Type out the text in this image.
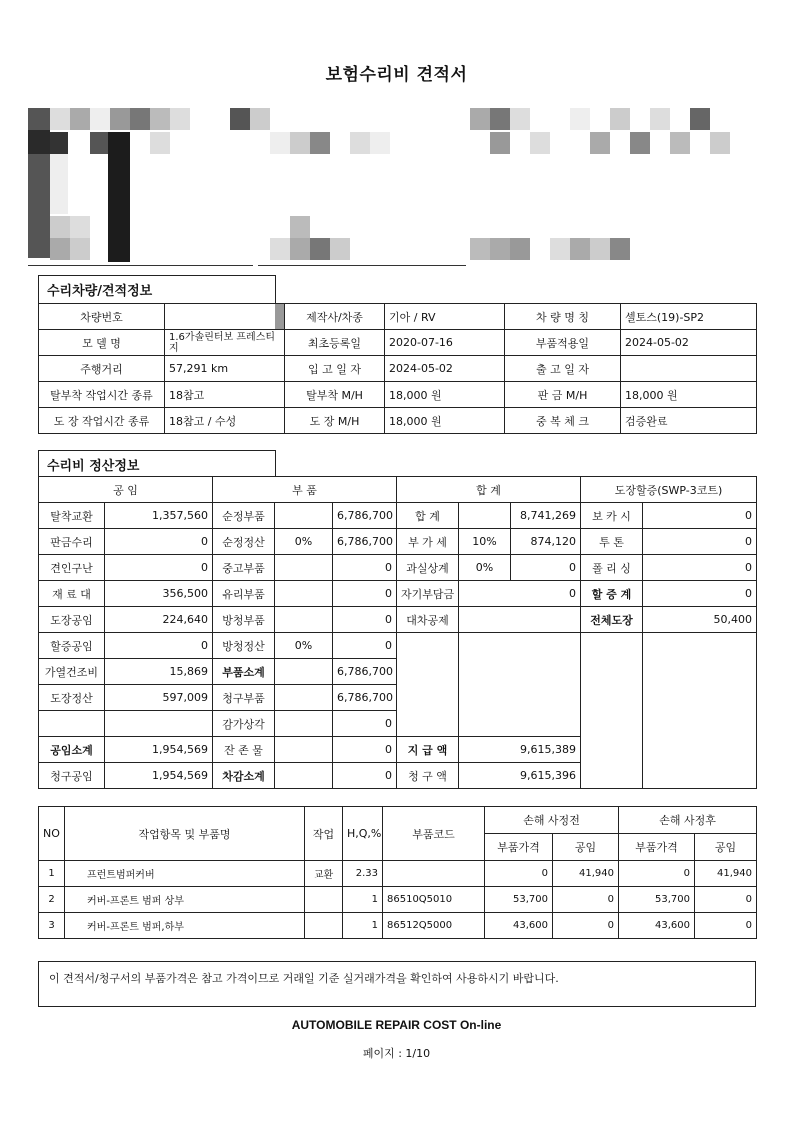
보험수리비 견적서
수리차량/견적정보
차량번호		제작사/차종	기아 / RV	차 량 명 칭	셀토스(19)-SP2
모 델 명	1.6가솔린터보 프레스티지	최초등록일	2020-07-16	부품적용일	2024-05-02
주행거리	57,291 km	입 고 일 자	2024-05-02	출 고 일 자	
탈부착 작업시간 종류	18참고	탈부착 M/H	18,000 원	판 금 M/H	18,000 원
도 장 작업시간 종류	18참고 / 수성	도 장 M/H	18,000 원	중 복 체 크	검증완료
수리비 정산정보
공 임		부 품			합 계			도장할증(SWP-3코트)	
탈착교환	1,357,560	순정부품		6,786,700	합 계		8,741,269	보 카 시	0
판금수리	0	순정정산	0%	6,786,700	부 가 세	10%	874,120	투 톤	0
견인구난	0	중고부품		0	과실상계	0%	0	폴 리 싱	0
재 료 대	356,500	유리부품		0	자기부담금	0		할 증 계	0
도장공임	224,640	방청부품		0	대차공제			전체도장	50,400
할증공임	0	방청정산	0%	0					
가열건조비	15,869	부품소계		6,786,700					
도장정산	597,009	청구부품		6,786,700					
		감가상각		0					
공임소계	1,954,569	잔 존 물		0	지 급 액	9,615,389			
청구공임	1,954,569	차감소계		0	청 구 액	9,615,396			
NO	작업항목 및 부품명	작업	H,Q,%	부품코드	손해 사정전		손해 사정후	
					부품가격	공임	부품가격	공임
1	프런트범퍼커버	교환	2.33		0	41,940	0	41,940
2	커버-프론트 범퍼 상부		1	86510Q5010	53,700	0	53,700	0
3	커버-프론트 범퍼,하부		1	86512Q5000	43,600	0	43,600	0
이 견적서/청구서의 부품가격은 참고 가격이므로 거래일 기준 실거래가격을 확인하여 사용하시기 바랍니다.
AUTOMOBILE REPAIR COST On-line
페이지 : 1/10
